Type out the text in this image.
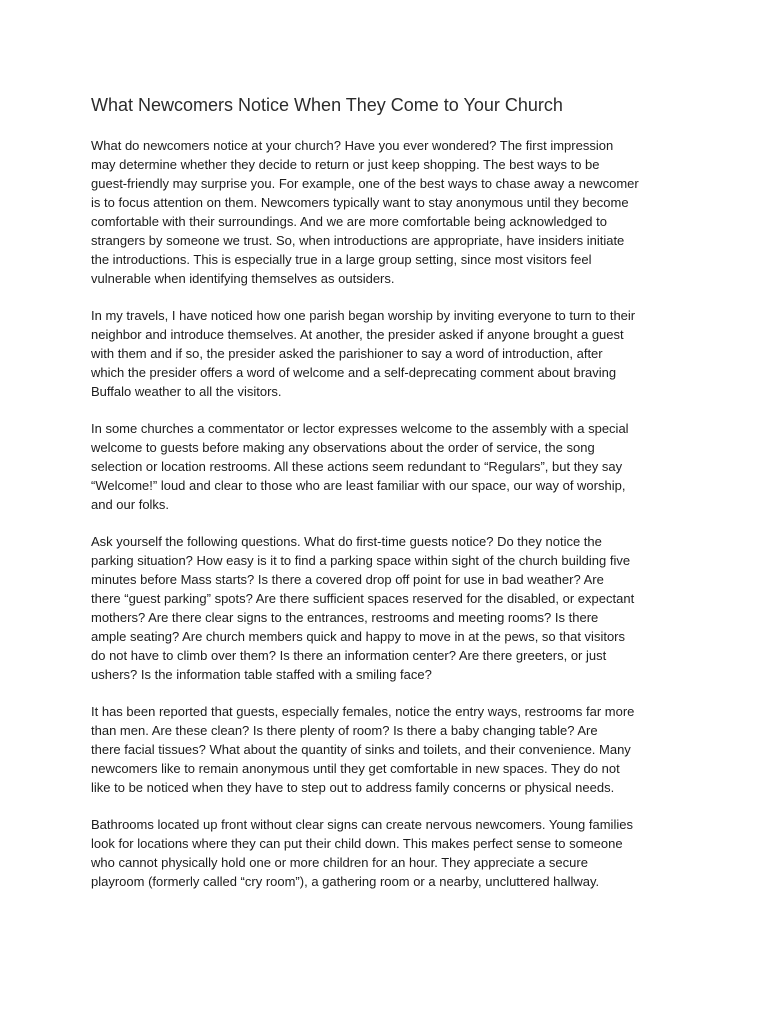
What Newcomers Notice When They Come to Your Church

What do newcomers notice at your church? Have you ever wondered? The first impression
may determine whether they decide to return or just keep shopping. The best ways to be
guest-friendly may surprise you. For example, one of the best ways to chase away a newcomer
is to focus attention on them. Newcomers typically want to stay anonymous until they become
comfortable with their surroundings. And we are more comfortable being acknowledged to
strangers by someone we trust. So, when introductions are appropriate, have insiders initiate
the introductions. This is especially true in a large group setting, since most visitors feel
vulnerable when identifying themselves as outsiders.

In my travels, I have noticed how one parish began worship by inviting everyone to turn to their
neighbor and introduce themselves. At another, the presider asked if anyone brought a guest
with them and if so, the presider asked the parishioner to say a word of introduction, after
which the presider offers a word of welcome and a self-deprecating comment about braving
Buffalo weather to all the visitors.

In some churches a commentator or lector expresses welcome to the assembly with a special
welcome to guests before making any observations about the order of service, the song
selection or location restrooms. All these actions seem redundant to “Regulars”, but they say
“Welcome!” loud and clear to those who are least familiar with our space, our way of worship,
and our folks.

Ask yourself the following questions. What do first-time guests notice? Do they notice the
parking situation? How easy is it to find a parking space within sight of the church building five
minutes before Mass starts? Is there a covered drop off point for use in bad weather? Are
there “guest parking” spots? Are there sufficient spaces reserved for the disabled, or expectant
mothers? Are there clear signs to the entrances, restrooms and meeting rooms? Is there
ample seating? Are church members quick and happy to move in at the pews, so that visitors
do not have to climb over them? Is there an information center? Are there greeters, or just
ushers? Is the information table staffed with a smiling face?

It has been reported that guests, especially females, notice the entry ways, restrooms far more
than men. Are these clean? Is there plenty of room? Is there a baby changing table? Are
there facial tissues? What about the quantity of sinks and toilets, and their convenience. Many
newcomers like to remain anonymous until they get comfortable in new spaces. They do not
like to be noticed when they have to step out to address family concerns or physical needs.

Bathrooms located up front without clear signs can create nervous newcomers. Young families
look for locations where they can put their child down. This makes perfect sense to someone
who cannot physically hold one or more children for an hour. They appreciate a secure
playroom (formerly called “cry room”), a gathering room or a nearby, uncluttered hallway.
